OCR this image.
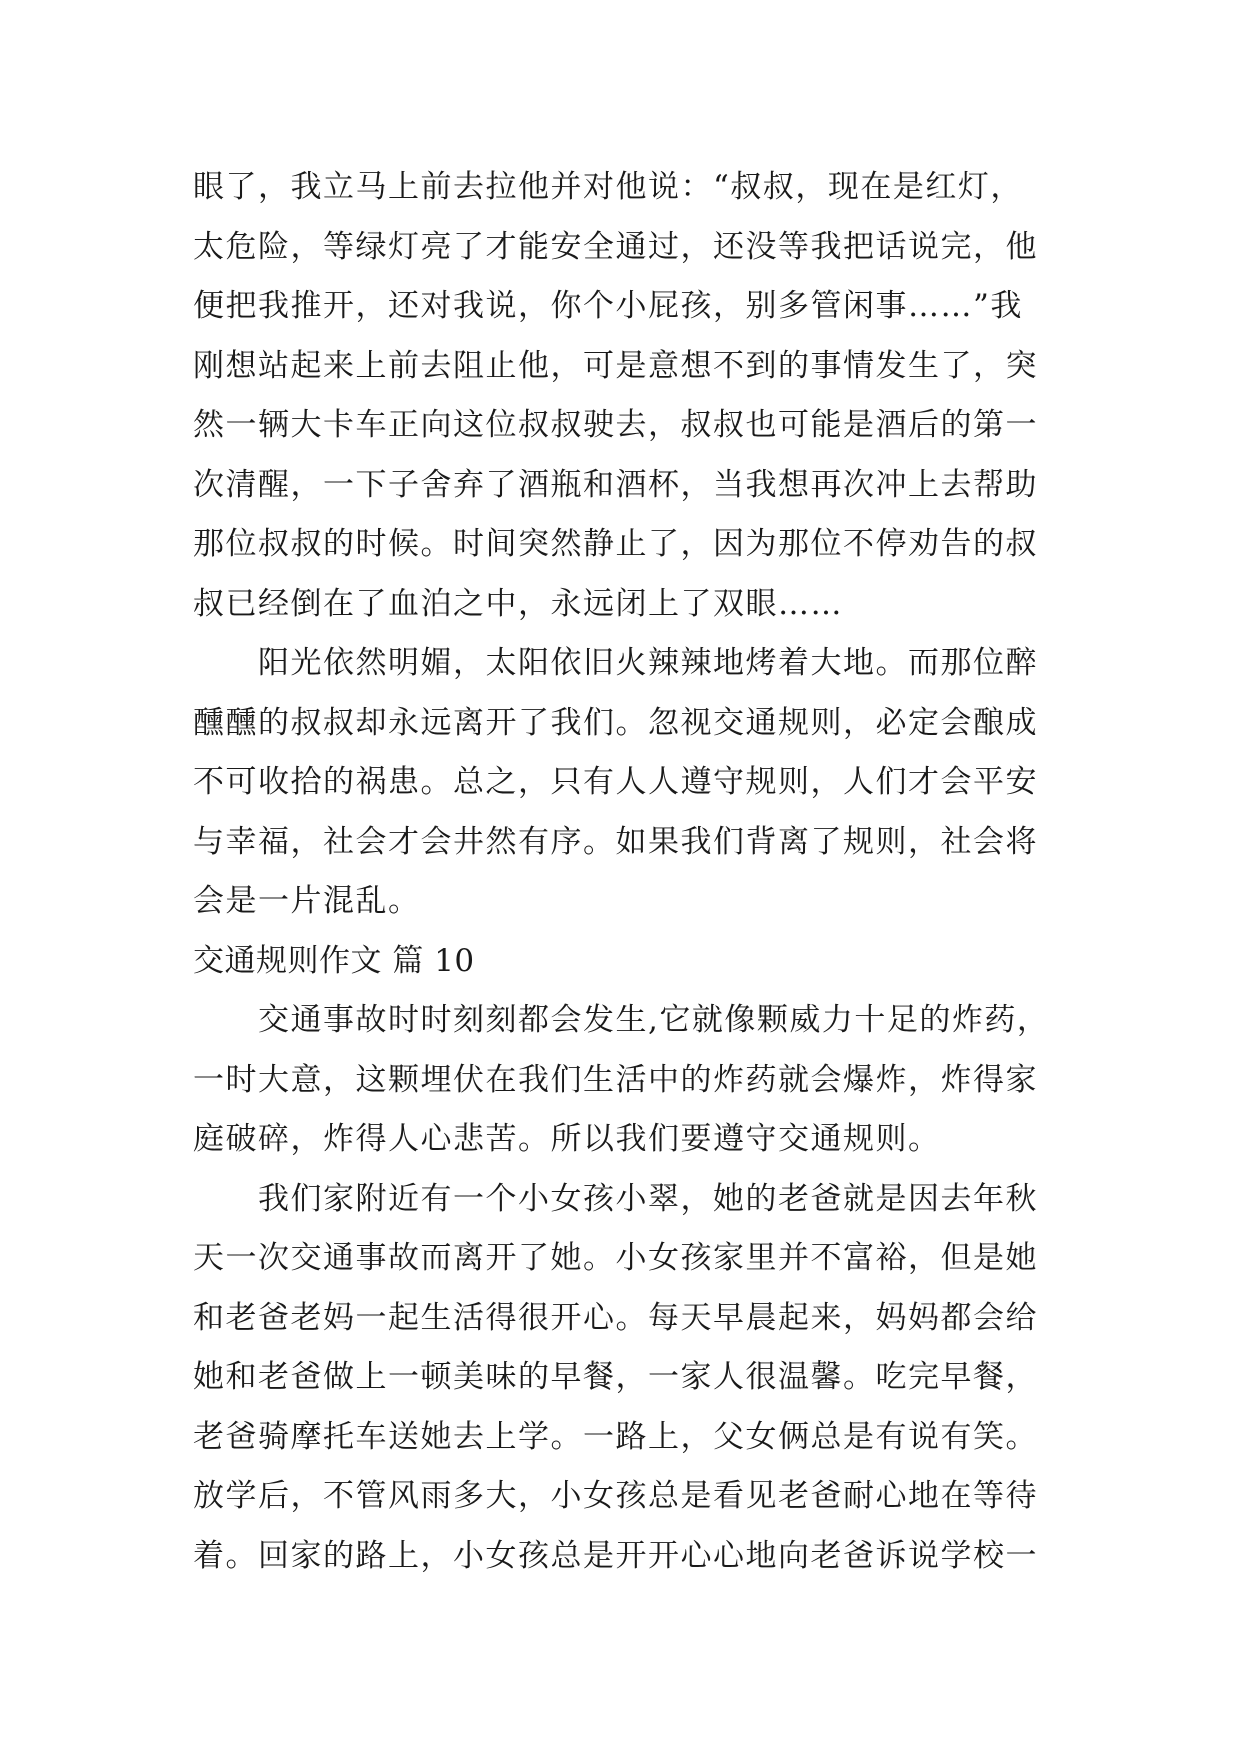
眼了，我立马上前去拉他并对他说：“叔叔，现在是红灯，
太危险，等绿灯亮了才能安全通过，还没等我把话说完，他
便把我推开，还对我说，你个小屁孩，别多管闲事……”我
刚想站起来上前去阻止他，可是意想不到的事情发生了，突
然一辆大卡车正向这位叔叔驶去，叔叔也可能是酒后的第一
次清醒，一下子舍弃了酒瓶和酒杯，当我想再次冲上去帮助
那位叔叔的时候。时间突然静止了，因为那位不停劝告的叔
叔已经倒在了血泊之中，永远闭上了双眼……
　　阳光依然明媚，太阳依旧火辣辣地烤着大地。而那位醉
醺醺的叔叔却永远离开了我们。忽视交通规则，必定会酿成
不可收拾的祸患。总之，只有人人遵守规则，人们才会平安
与幸福，社会才会井然有序。如果我们背离了规则，社会将
会是一片混乱。
交通规则作文 篇 10
　　交通事故时时刻刻都会发生,它就像颗威力十足的炸药，
一时大意，这颗埋伏在我们生活中的炸药就会爆炸，炸得家
庭破碎，炸得人心悲苦。所以我们要遵守交通规则。
　　我们家附近有一个小女孩小翠，她的老爸就是因去年秋
天一次交通事故而离开了她。小女孩家里并不富裕，但是她
和老爸老妈一起生活得很开心。每天早晨起来，妈妈都会给
她和老爸做上一顿美味的早餐，一家人很温馨。吃完早餐，
老爸骑摩托车送她去上学。一路上，父女俩总是有说有笑。
放学后，不管风雨多大，小女孩总是看见老爸耐心地在等待
着。回家的路上，小女孩总是开开心心地向老爸诉说学校一
